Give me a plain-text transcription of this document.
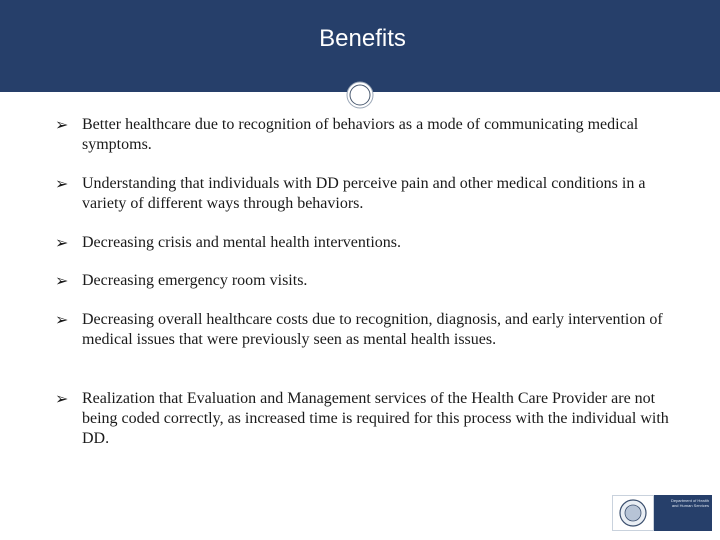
Benefits
➢ Better healthcare due to recognition of behaviors as a mode of communicating medical symptoms.
➢ Understanding that individuals with DD perceive pain and other medical conditions in a variety of different ways through behaviors.
➢ Decreasing crisis and mental health interventions.
➢ Decreasing emergency room visits.
➢ Decreasing overall healthcare costs due to recognition, diagnosis, and early intervention of medical issues that were previously seen as mental health issues.
➢ Realization that Evaluation and Management services of the Health Care Provider are not being coded correctly, as increased time is required for this process with the individual with DD.
Department of Health
and Human Services
